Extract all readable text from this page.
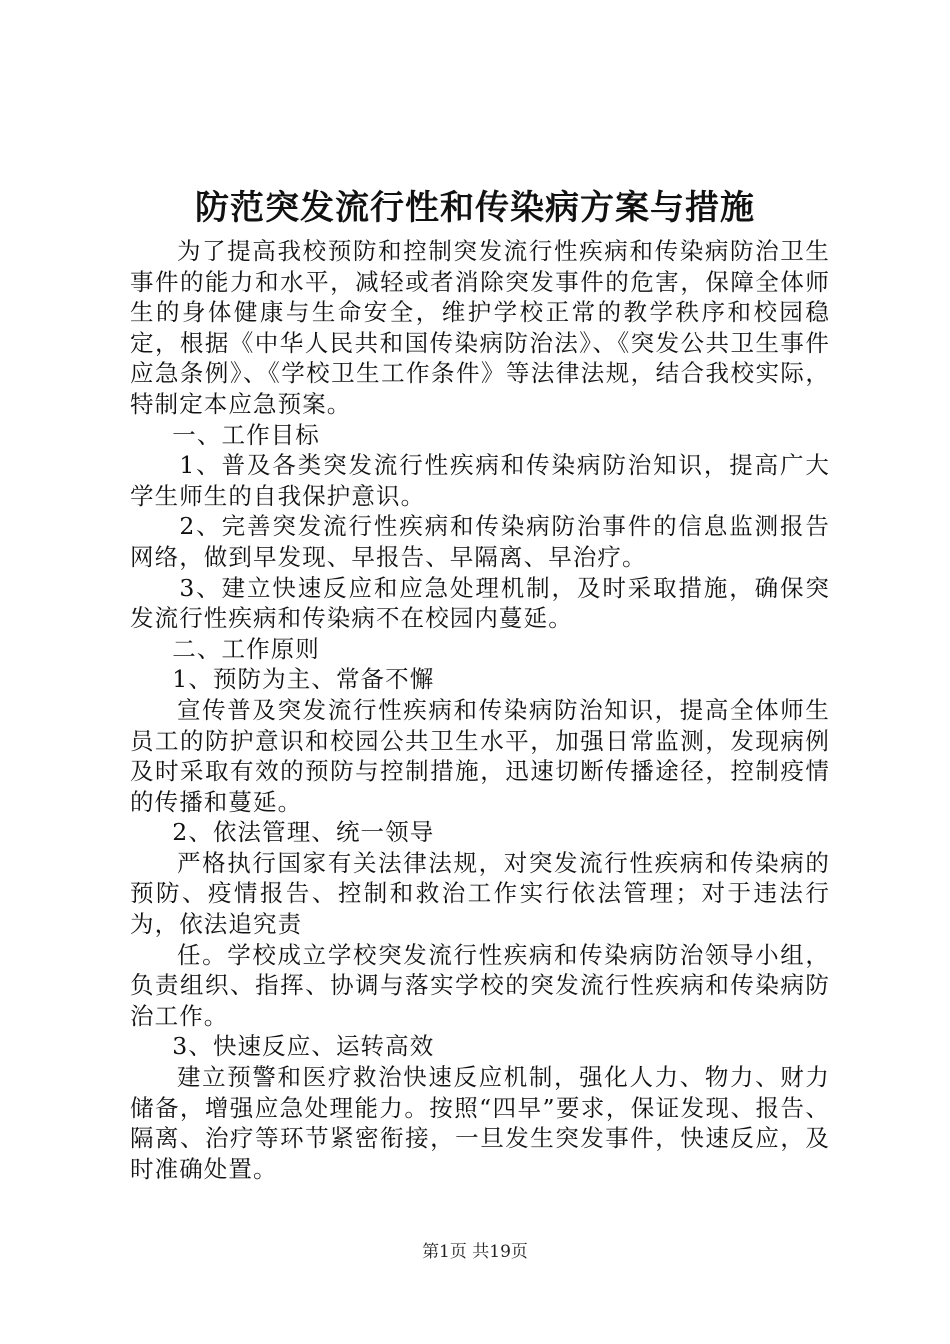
防范突发流行性和传染病方案与措施

为了提高我校预防和控制突发流行性疾病和传染病防治卫生事件的能力和水平，减轻或者消除突发事件的危害，保障全体师生的身体健康与生命安全，维护学校正常的教学秩序和校园稳定，根据《中华人民共和国传染病防治法》、《突发公共卫生事件应急条例》、《学校卫生工作条件》等法律法规，结合我校实际，特制定本应急预案。

一、工作目标

1、普及各类突发流行性疾病和传染病防治知识，提高广大学生师生的自我保护意识。

2、完善突发流行性疾病和传染病防治事件的信息监测报告网络，做到早发现、早报告、早隔离、早治疗。

3、建立快速反应和应急处理机制，及时采取措施，确保突发流行性疾病和传染病不在校园内蔓延。

二、工作原则

1、预防为主、常备不懈

宣传普及突发流行性疾病和传染病防治知识，提高全体师生员工的防护意识和校园公共卫生水平，加强日常监测，发现病例及时采取有效的预防与控制措施，迅速切断传播途径，控制疫情的传播和蔓延。

2、依法管理、统一领导

严格执行国家有关法律法规，对突发流行性疾病和传染病的预防、疫情报告、控制和救治工作实行依法管理；对于违法行为，依法追究责

任。学校成立学校突发流行性疾病和传染病防治领导小组，负责组织、指挥、协调与落实学校的突发流行性疾病和传染病防治工作。

3、快速反应、运转高效

建立预警和医疗救治快速反应机制，强化人力、物力、财力储备，增强应急处理能力。按照“四早”要求，保证发现、报告、隔离、治疗等环节紧密衔接，一旦发生突发事件，快速反应，及时准确处置。

第1页 共19页
